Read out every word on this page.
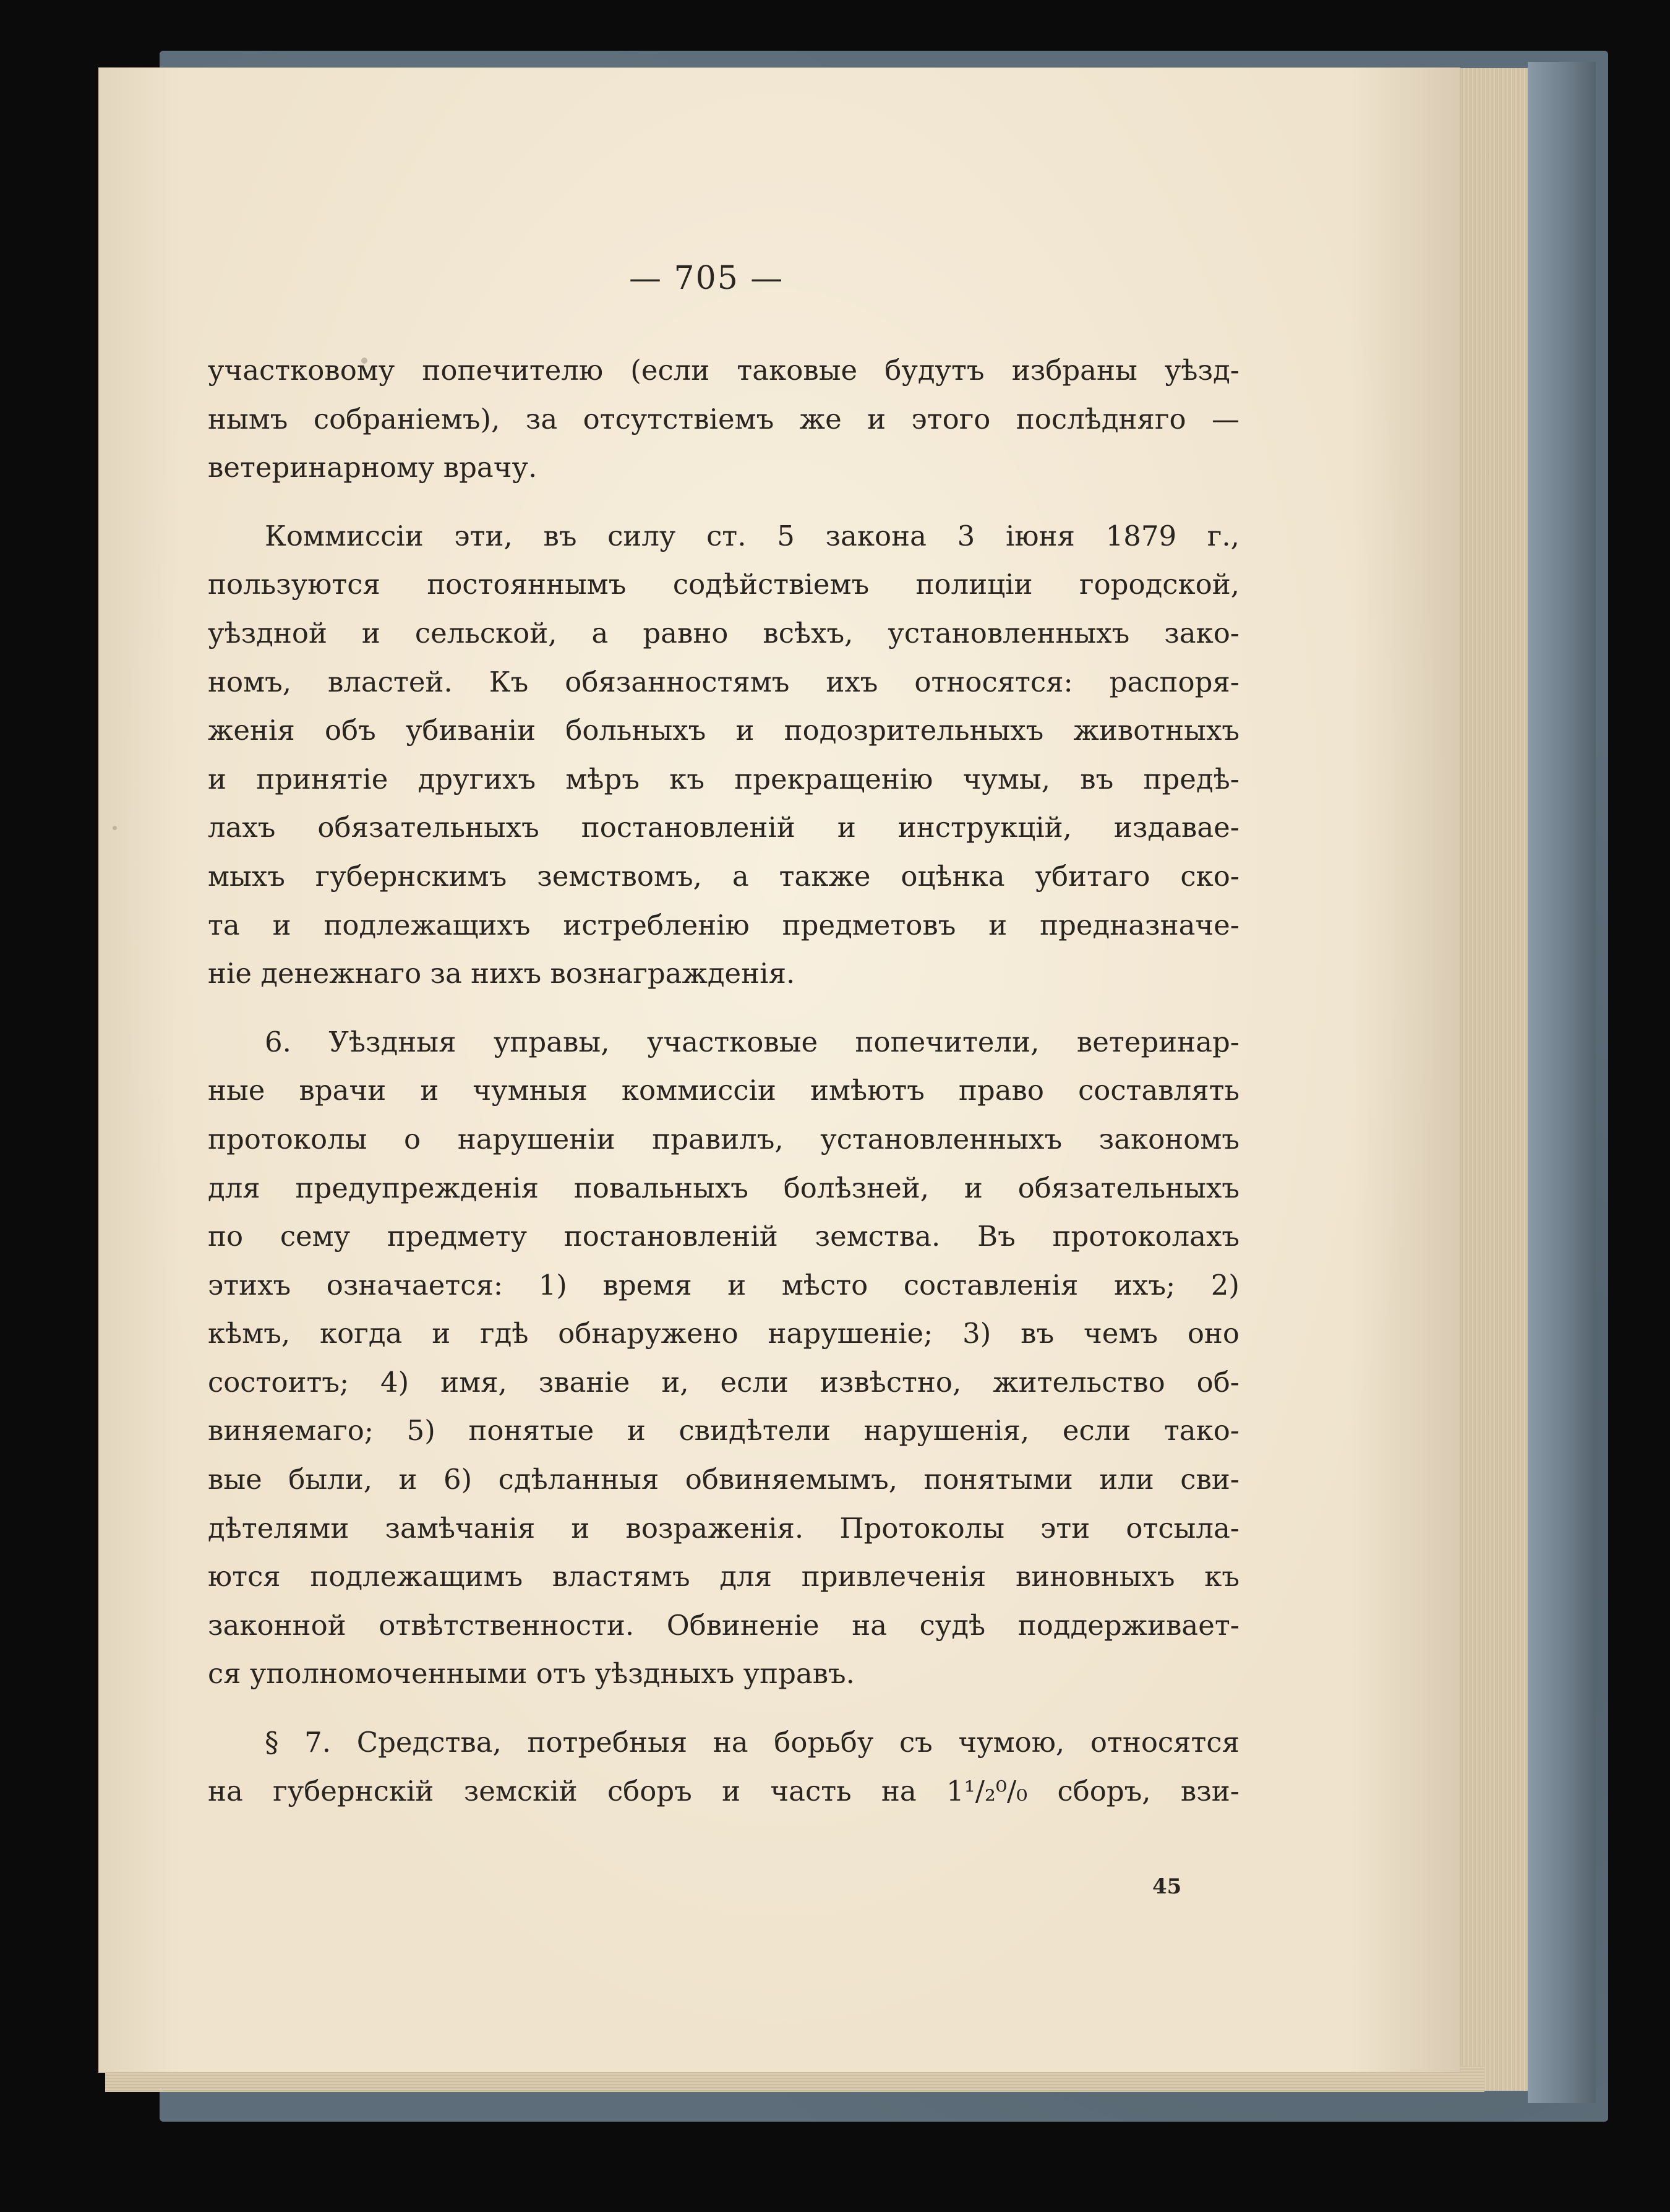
— 705 —
участковому попечителю (если таковые будутъ избраны уѣзд-
нымъ собраніемъ), за отсутствіемъ же и этого послѣдняго —
ветеринарному врачу.
Коммиссіи эти, въ силу ст. 5 закона 3 іюня 1879 г.,
пользуются постояннымъ содѣйствіемъ полиціи городской,
уѣздной и сельской, а равно всѣхъ, установленныхъ зако-
номъ, властей. Къ обязанностямъ ихъ относятся: распоря-
женія объ убиваніи больныхъ и подозрительныхъ животныхъ
и принятіе другихъ мѣръ къ прекращенію чумы, въ предѣ-
лахъ обязательныхъ постановленій и инструкцій, издавае-
мыхъ губернскимъ земствомъ, а также оцѣнка убитаго ско-
та и подлежащихъ истребленію предметовъ и предназначе-
ніе денежнаго за нихъ вознагражденія.
6. Уѣздныя управы, участковые попечители, ветеринар-
ные врачи и чумныя коммиссіи имѣютъ право составлять
протоколы о нарушеніи правилъ, установленныхъ закономъ
для предупрежденія повальныхъ болѣзней, и обязательныхъ
по сему предмету постановленій земства. Въ протоколахъ
этихъ означается: 1) время и мѣсто составленія ихъ; 2)
кѣмъ, когда и гдѣ обнаружено нарушеніе; 3) въ чемъ оно
состоитъ; 4) имя, званіе и, если извѣстно, жительство об-
виняемаго; 5) понятые и свидѣтели нарушенія, если тако-
вые были, и 6) сдѣланныя обвиняемымъ, понятыми или сви-
дѣтелями замѣчанія и возраженія. Протоколы эти отсыла-
ются подлежащимъ властямъ для привлеченія виновныхъ къ
законной отвѣтственности. Обвиненіе на судѣ поддерживает-
ся уполномоченными отъ уѣздныхъ управъ.
§ 7. Средства, потребныя на борьбу съ чумою, относятся
на губернскій земскій сборъ и часть на 1¹/₂⁰/₀ сборъ, взи-
45
